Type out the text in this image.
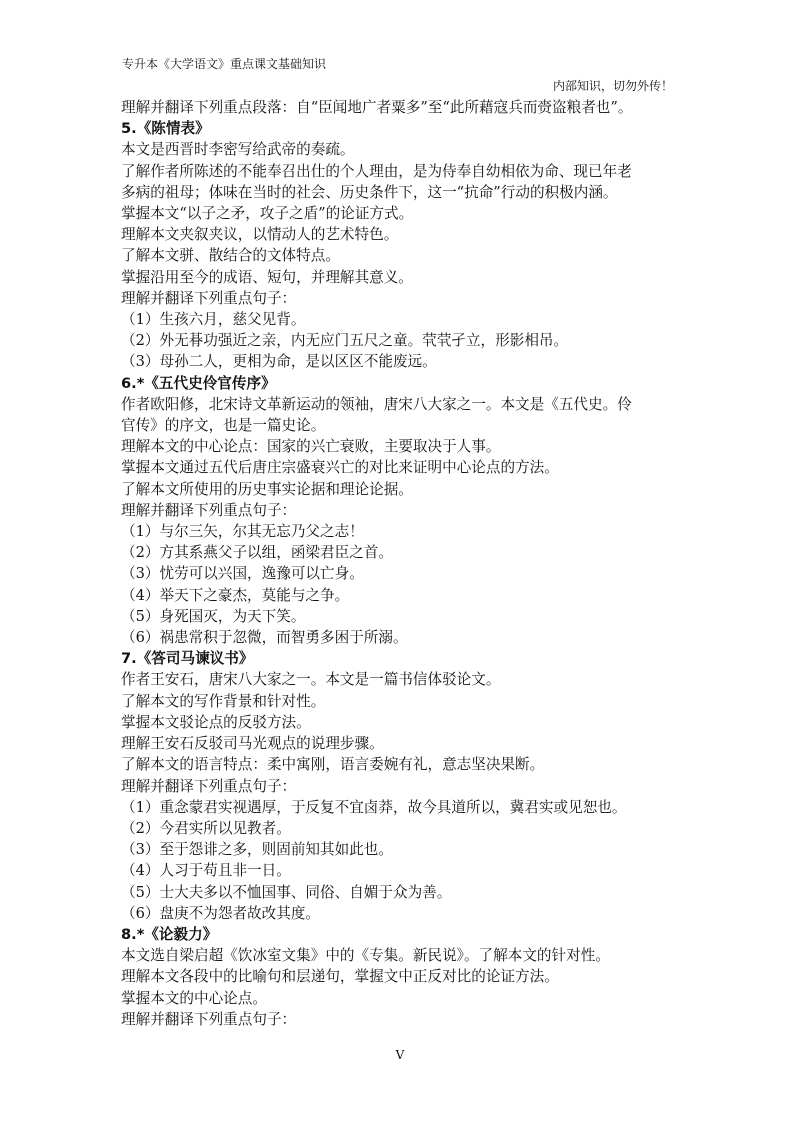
专升本《大学语文》重点课文基础知识
内部知识，切勿外传！
理解并翻译下列重点段落：自“臣闻地广者粟多”至“此所藉寇兵而赍盗粮者也”。
5.《陈情表》
本文是西晋时李密写给武帝的奏疏。
了解作者所陈述的不能奉召出仕的个人理由，是为侍奉自幼相依为命、现已年老
多病的祖母；体味在当时的社会、历史条件下，这一“抗命”行动的积极内涵。
掌握本文“以子之矛，攻子之盾”的论证方式。
理解本文夹叙夹议，以情动人的艺术特色。
了解本文骈、散结合的文体特点。
掌握沿用至今的成语、短句，并理解其意义。
理解并翻译下列重点句子：
（1）生孩六月，慈父见背。
（2）外无朞功强近之亲，内无应门五尺之童。茕茕孑立，形影相吊。
（3）母孙二人，更相为命，是以区区不能废远。
6.*《五代史伶官传序》
作者欧阳修，北宋诗文革新运动的领袖，唐宋八大家之一。本文是《五代史。伶
官传》的序文，也是一篇史论。
理解本文的中心论点：国家的兴亡衰败，主要取决于人事。
掌握本文通过五代后唐庄宗盛衰兴亡的对比来证明中心论点的方法。
了解本文所使用的历史事实论据和理论论据。
理解并翻译下列重点句子：
（1）与尔三矢，尔其无忘乃父之志！
（2）方其系燕父子以组，函梁君臣之首。
（3）忧劳可以兴国，逸豫可以亡身。
（4）举天下之豪杰，莫能与之争。
（5）身死国灭，为天下笑。
（6）祸患常积于忽微，而智勇多困于所溺。
7.《答司马谏议书》
作者王安石，唐宋八大家之一。本文是一篇书信体驳论文。
了解本文的写作背景和针对性。
掌握本文驳论点的反驳方法。
理解王安石反驳司马光观点的说理步骤。
了解本文的语言特点：柔中寓刚，语言委婉有礼，意志坚决果断。
理解并翻译下列重点句子：
（1）重念蒙君实视遇厚，于反复不宜卤莽，故今具道所以，冀君实或见恕也。
（2）今君实所以见教者。
（3）至于怨诽之多，则固前知其如此也。
（4）人习于苟且非一日。
（5）士大夫多以不恤国事、同俗、自媚于众为善。
（6）盘庚不为怨者故改其度。
8.*《论毅力》
本文选自梁启超《饮冰室文集》中的《专集。新民说》。了解本文的针对性。
理解本文各段中的比喻句和层递句，掌握文中正反对比的论证方法。
掌握本文的中心论点。
理解并翻译下列重点句子：
V
